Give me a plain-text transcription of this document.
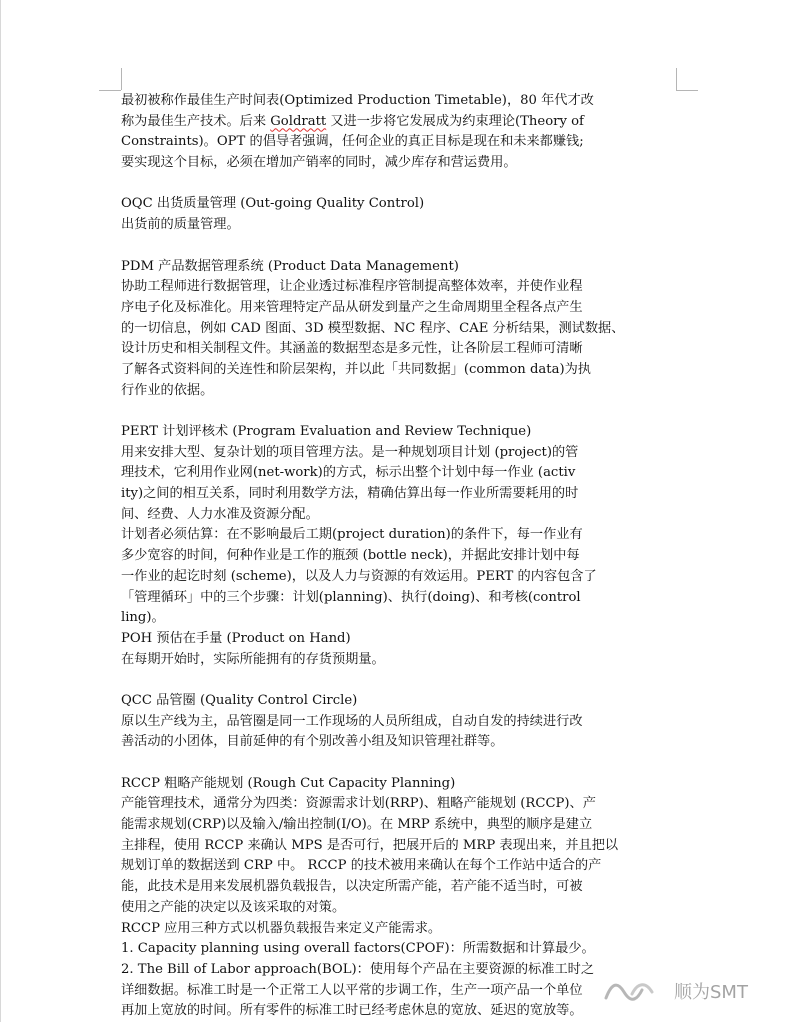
最初被称作最佳生产时间表(Optimized Production Timetable)，80 年代才改
称为最佳生产技术。后来 Goldratt 又进一步将它发展成为约束理论(Theory of
Constraints)。OPT 的倡导者强调，任何企业的真正目标是现在和未来都赚钱;
要实现这个目标，必须在增加产销率的同时，减少库存和营运费用。
OQC 出货质量管理 (Out-going Quality Control)
出货前的质量管理。
PDM 产品数据管理系统 (Product Data Management)
协助工程师进行数据管理，让企业透过标准程序管制提高整体效率，并使作业程
序电子化及标准化。用来管理特定产品从研发到量产之生命周期里全程各点产生
的一切信息，例如 CAD 图面、3D 模型数据、NC 程序、CAE 分析结果，测试数据、
设计历史和相关制程文件。其涵盖的数据型态是多元性，让各阶层工程师可清晰
了解各式资料间的关连性和阶层架构，并以此「共同数据」(common data)为执
行作业的依据。
PERT 计划评核术 (Program Evaluation and Review Technique)
用来安排大型、复杂计划的项目管理方法。是一种规划项目计划 (project)的管
理技术，它利用作业网(net-work)的方式，标示出整个计划中每一作业 (activ
ity)之间的相互关系，同时利用数学方法，精确估算出每一作业所需要耗用的时
间、经费、人力水准及资源分配。
计划者必须估算：在不影响最后工期(project duration)的条件下，每一作业有
多少宽容的时间，何种作业是工作的瓶颈 (bottle neck)，并据此安排计划中每
一作业的起讫时刻 (scheme)，以及人力与资源的有效运用。PERT 的内容包含了
「管理循环」中的三个步骤：计划(planning)、执行(doing)、和考核(control
ling)。
POH 预估在手量 (Product on Hand)
在每期开始时，实际所能拥有的存货预期量。
QCC 品管圈 (Quality Control Circle)
原以生产线为主，品管圈是同一工作现场的人员所组成，自动自发的持续进行改
善活动的小团体，目前延伸的有个别改善小组及知识管理社群等。
RCCP 粗略产能规划 (Rough Cut Capacity Planning)
产能管理技术，通常分为四类：资源需求计划(RRP)、粗略产能规划 (RCCP)、产
能需求规划(CRP)以及输入/输出控制(I/O)。在 MRP 系统中，典型的顺序是建立
主排程，使用 RCCP 来确认 MPS 是否可行，把展开后的 MRP 表现出来，并且把以
规划订单的数据送到 CRP 中。 RCCP 的技术被用来确认在每个工作站中适合的产
能，此技术是用来发展机器负载报告，以决定所需产能，若产能不适当时，可被
使用之产能的决定以及该采取的对策。
RCCP 应用三种方式以机器负载报告来定义产能需求。
1. Capacity planning using overall factors(CPOF)：所需数据和计算最少。
2. The Bill of Labor approach(BOL)：使用每个产品在主要资源的标准工时之
详细数据。标准工时是一个正常工人以平常的步调工作，生产一项产品一个单位
再加上宽放的时间。所有零件的标准工时已经考虑休息的宽放、延迟的宽放等。
顺为SMT
